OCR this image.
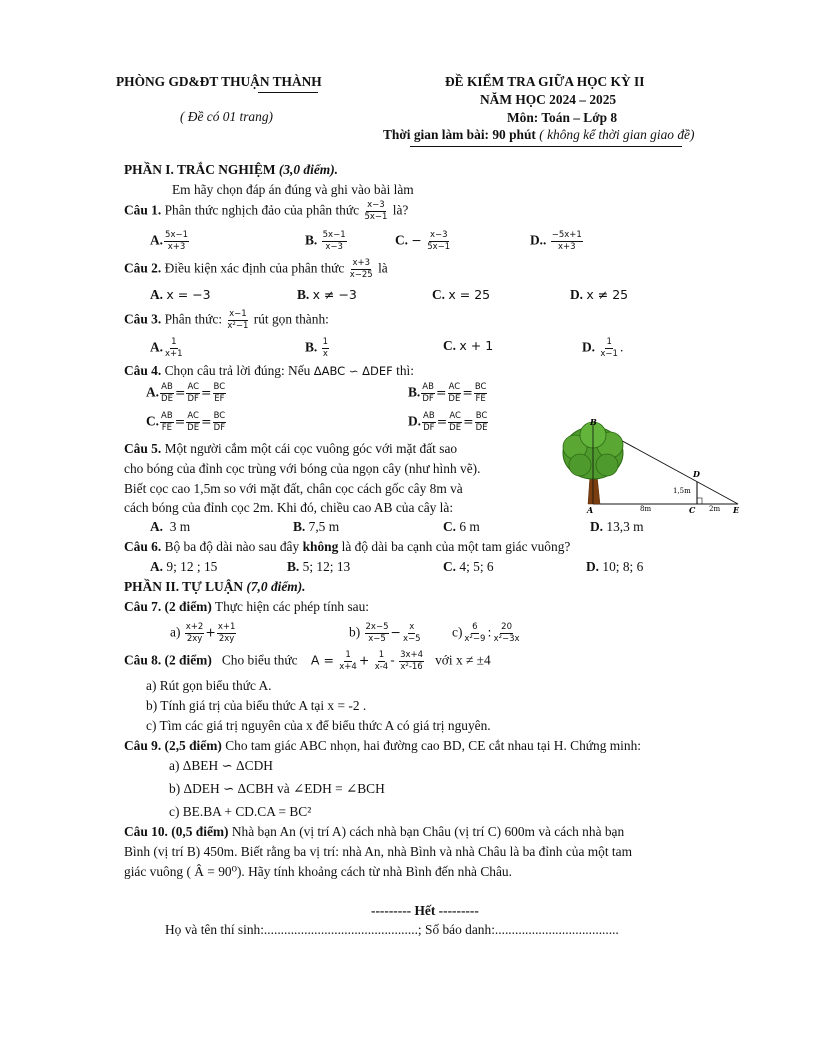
PHÒNG GD&ĐT THUẬN THÀNH
( Đề có 01 trang)
ĐỀ KIỂM TRA GIỮA HỌC KỲ II
NĂM HỌC 2024 – 2025
Môn: Toán – Lớp 8
Thời gian làm bài: 90 phút ( không kể thời gian giao đề)
PHẦN I. TRẮC NGHIỆM (3,0 điểm).
Em hãy chọn đáp án đúng và ghi vào bài làm
Câu 1. Phân thức nghịch đảo của phân thức $\frac{x-3}{5x-1}$ là?
A. $\frac{5x-1}{x+3}$	B. $\frac{5x-1}{x-3}$	C. − $\frac{x-3}{5x-1}$	D.. $\frac{-5x+1}{x+3}$
Câu 2. Điều kiện xác định của phân thức $\frac{x+3}{x-25}$ là
A. x = −3	B. x ≠ −3	C. x = 25	D. x ≠ 25
Câu 3. Phân thức: $\frac{x-1}{\text{x²−1}}$ rút gọn thành:
A. $\frac{1}{x+1}$	B. $\frac{1}{x}$	C. x + 1	D. $\frac{1}{x-1}$ .
Câu 4. Chọn câu trả lời đúng: Nếu ΔABC ∽ ΔDEF thì:
A. $\frac{AB}{DE} = \frac{AC}{DF} = \frac{BC}{EF}$	B. $\frac{AB}{DF} = \frac{AC}{DE} = \frac{BC}{FE}$
C. $\frac{AB}{FE} = \frac{AC}{DE} = \frac{BC}{DF}$	D. $\frac{AB}{DF} = \frac{AC}{DE} = \frac{BC}{DE}$
Câu 5. Một người cắm một cái cọc vuông góc với mặt đất sao
cho bóng của đỉnh cọc trùng với bóng của ngọn cây (như hình vẽ).
Biết cọc cao 1,5m so với mặt đất, chân cọc cách gốc cây 8m và
cách bóng của đỉnh cọc 2m. Khi đó, chiều cao AB của cây là:
A. 3 m	B. 7,5 m	C. 6 m	D. 13,3 m
B
D
A	C	E
1,5m
8m	2m
Câu 6. Bộ ba độ dài nào sau đây không là độ dài ba cạnh của một tam giác vuông?
A. 9; 12 ; 15	B. 5; 12; 13	C. 4; 5; 6	D. 10; 8; 6
PHẦN II. TỰ LUẬN (7,0 điểm).
Câu 7. (2 điểm) Thực hiện các phép tính sau:
$a) \frac{x+2}{2xy} + \frac{x+1}{2xy}$	$b) \frac{2x-5}{x-5} - \frac{x}{x-5} c) \frac{6}{\text{x²−9}}$ : $\frac{20}{\text{x²−3x}}$
Câu 8. (2 điểm) Cho biểu thức $A = \frac{1}{x+4} + \frac{1}{x-4} - \frac{3x+4}{\text{x²-16}}$ với x ≠ ±4
a) Rút gọn biểu thức A.
b) Tính giá trị của biểu thức A tại x = -2 .
c) Tìm các giá trị nguyên của x để biểu thức A có giá trị nguyên.
Câu 9. (2,5 điểm) Cho tam giác ABC nhọn, hai đường cao BD, CE cắt nhau tại H. Chứng minh:
a) ΔBEH ∽ ΔCDH
b) ΔDEH ∽ ΔCBH và ∠EDH = ∠BCH
c) BE.BA + CD.CA = BC²
Câu 10. (0,5 điểm) Nhà bạn An (vị trí A) cách nhà bạn Châu (vị trí C) 600m và cách nhà bạn
Bình (vị trí B) 450m. Biết rằng ba vị trí: nhà An, nhà Bình và nhà Châu là ba đỉnh của một tam
giác vuông ( Â = 90⁰). Hãy tính khoảng cách từ nhà Bình đến nhà Châu.
--------- Hết ---------
Họ và tên thí sinh:..............................................; Số báo danh:.....................................
